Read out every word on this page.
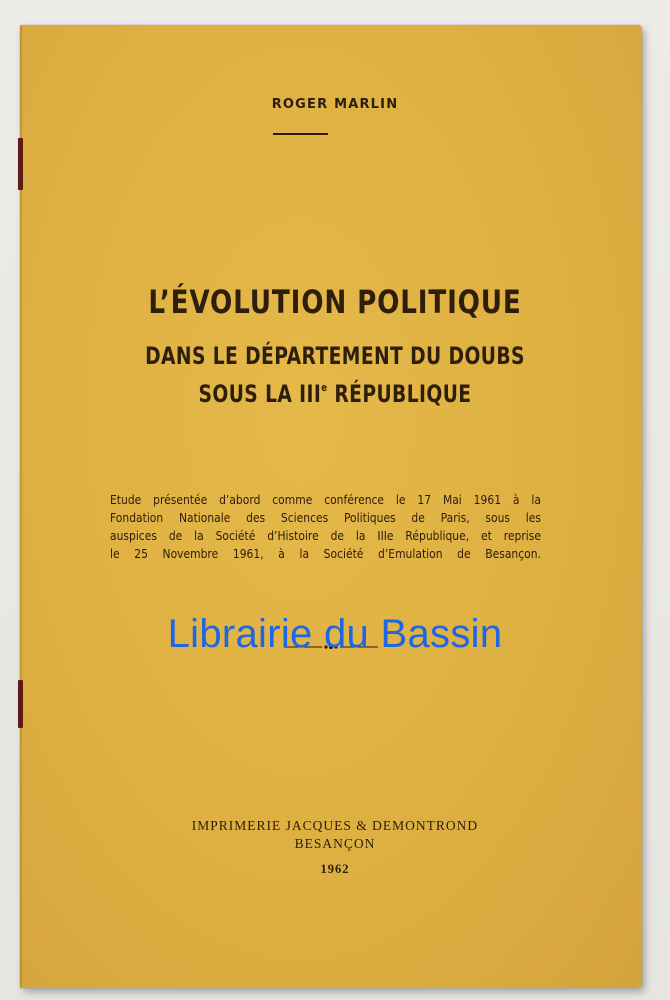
ROGER MARLIN
L’ÉVOLUTION POLITIQUE
DANS LE DÉPARTEMENT DU DOUBS
SOUS LA IIIe RÉPUBLIQUE
Etude présentée d’abord comme conférence le 17 Mai 1961 à la
Fondation Nationale des Sciences Politiques de Paris, sous les
auspices de la Société d’Histoire de la IIIe République, et reprise
le 25 Novembre 1961, à la Société d’Emulation de Besançon.
Librairie du Bassin
IMPRIMERIE JACQUES & DEMONTROND
BESANÇON
1962
